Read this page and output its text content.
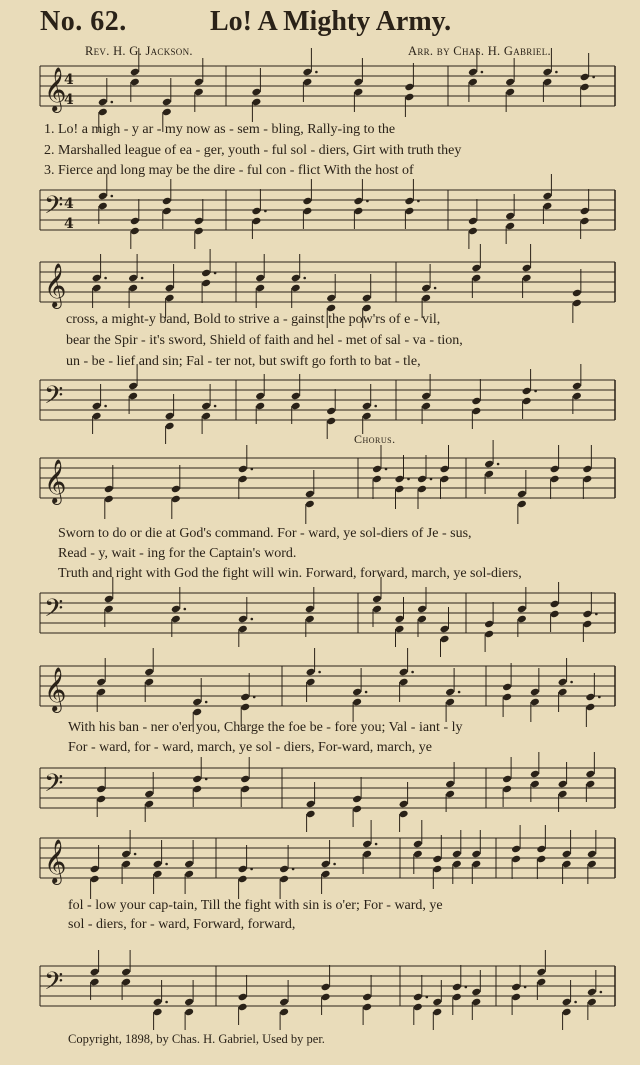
No. 62.	Lo! A Mighty Army.
Rev. H. G. Jackson.	Arr. by Chas. H. Gabriel.
𝄞
4
4
1. Lo! a migh - y ar - my now as - sem - bling, Rally-ing to the
2. Marshalled league of ea - ger, youth - ful sol - diers, Girt with truth they
3. Fierce and long may be the dire - ful con - flict With the host of
𝄢 4
4
𝄞
cross, a might-y band, Bold to strive a - gainst the pow'rs of e - vil,
bear the Spir - it's sword, Shield of faith and hel - met of sal - va - tion,
un - be - lief and sin; Fal - ter not, but swift go forth to bat - tle,
𝄢
Chorus.
𝄞
Sworn to do or die at God's command. For - ward, ye sol-diers of Je - sus,
Read - y, wait - ing for the Captain's word.
Truth and right with God the fight will win. Forward, forward, march, ye sol-diers,
𝄢
𝄞
With his ban - ner o'er you, Charge the foe be - fore you; Val - iant - ly
For - ward, for - ward, march, ye sol - diers, For-ward, march, ye
𝄢
𝄞
fol - low your cap-tain, Till the fight with sin is o'er; For - ward, ye
sol - diers, for - ward, Forward, forward,
𝄢
Copyright, 1898, by Chas. H. Gabriel, Used by per.
